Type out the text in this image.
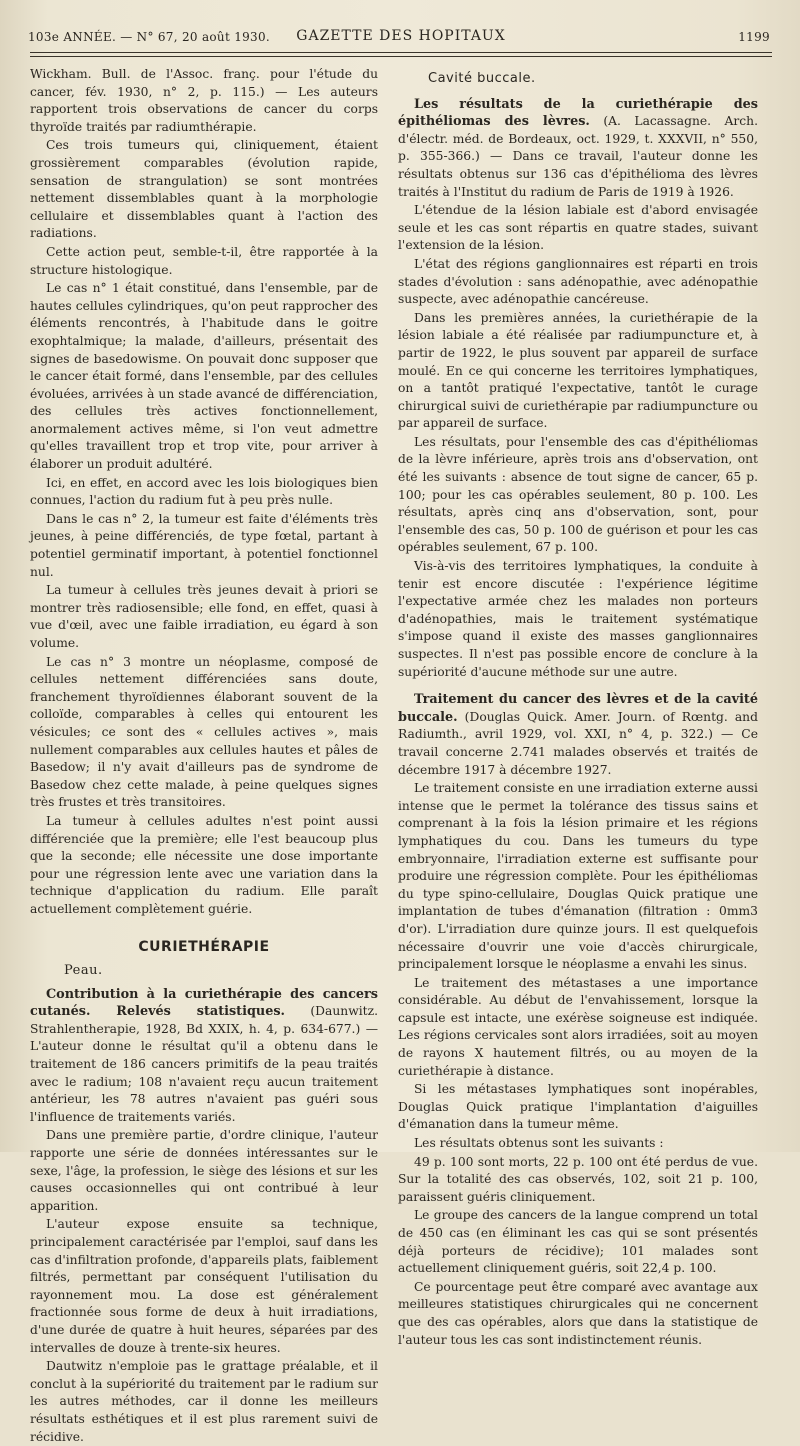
103e ANNÉE. — N° 67, 20 août 1930.	GAZETTE DES HOPITAUX	1199

Wickham. Bull. de l'Assoc. franç. pour l'étude du cancer, fév. 1930, n° 2, p. 115.) — Les auteurs rapportent trois observations de cancer du corps thyroïde traités par radiumthérapie.

Ces trois tumeurs qui, cliniquement, étaient grossièrement comparables (évolution rapide, sensation de strangulation) se sont montrées nettement dissemblables quant à la morphologie cellulaire et dissemblables quant à l'action des radiations.

Cette action peut, semble-t-il, être rapportée à la structure histologique.

Le cas n° 1 était constitué, dans l'ensemble, par de hautes cellules cylindriques, qu'on peut rapprocher des éléments rencontrés, à l'habitude dans le goitre exophtalmique; la malade, d'ailleurs, présentait des signes de basedowisme. On pouvait donc supposer que le cancer était formé, dans l'ensemble, par des cellules évoluées, arrivées à un stade avancé de différenciation, des cellules très actives fonctionnellement, anormalement actives même, si l'on veut admettre qu'elles travaillent trop et trop vite, pour arriver à élaborer un produit adultéré.

Ici, en effet, en accord avec les lois biologiques bien connues, l'action du radium fut à peu près nulle.

Dans le cas n° 2, la tumeur est faite d'éléments très jeunes, à peine différenciés, de type fœtal, partant à potentiel germinatif important, à potentiel fonctionnel nul.

La tumeur à cellules très jeunes devait à priori se montrer très radiosensible; elle fond, en effet, quasi à vue d'œil, avec une faible irradiation, eu égard à son volume.

Le cas n° 3 montre un néoplasme, composé de cellules nettement différenciées sans doute, franchement thyroïdiennes élaborant souvent de la colloïde, comparables à celles qui entourent les vésicules; ce sont des « cellules actives », mais nullement comparables aux cellules hautes et pâles de Basedow; il n'y avait d'ailleurs pas de syndrome de Basedow chez cette malade, à peine quelques signes très frustes et très transitoires.

La tumeur à cellules adultes n'est point aussi différenciée que la première; elle l'est beaucoup plus que la seconde; elle nécessite une dose importante pour une régression lente avec une variation dans la technique d'application du radium. Elle paraît actuellement complètement guérie.

CURIETHÉRAPIE
Peau.

Contribution à la curiethérapie des cancers cutanés. Relevés statistiques. (Daunwitz. Strahlentherapie, 1928, Bd XXIX, h. 4, p. 634-677.) — L'auteur donne le résultat qu'il a obtenu dans le traitement de 186 cancers primitifs de la peau traités avec le radium; 108 n'avaient reçu aucun traitement antérieur, les 78 autres n'avaient pas guéri sous l'influence de traitements variés.

Dans une première partie, d'ordre clinique, l'auteur rapporte une série de données intéressantes sur le sexe, l'âge, la profession, le siège des lésions et sur les causes occasionnelles qui ont contribué à leur apparition.

L'auteur expose ensuite sa technique, principalement caractérisée par l'emploi, sauf dans les cas d'infiltration profonde, d'appareils plats, faiblement filtrés, permettant par conséquent l'utilisation du rayonnement mou. La dose est généralement fractionnée sous forme de deux à huit irradiations, d'une durée de quatre à huit heures, séparées par des intervalles de douze à trente-six heures.

Dautwitz n'emploie pas le grattage préalable, et il conclut à la supériorité du traitement par le radium sur les autres méthodes, car il donne les meilleurs résultats esthétiques et il est plus rarement suivi de récidive.

Cavité buccale.

Les résultats de la curiethérapie des épithéliomas des lèvres. (A. Lacassagne. Arch. d'électr. méd. de Bordeaux, oct. 1929, t. XXXVII, n° 550, p. 355-366.) — Dans ce travail, l'auteur donne les résultats obtenus sur 136 cas d'épithélioma des lèvres traités à l'Institut du radium de Paris de 1919 à 1926.

L'étendue de la lésion labiale est d'abord envisagée seule et les cas sont répartis en quatre stades, suivant l'extension de la lésion.

L'état des régions ganglionnaires est réparti en trois stades d'évolution : sans adénopathie, avec adénopathie suspecte, avec adénopathie cancéreuse.

Dans les premières années, la curiethérapie de la lésion labiale a été réalisée par radiumpuncture et, à partir de 1922, le plus souvent par appareil de surface moulé. En ce qui concerne les territoires lymphatiques, on a tantôt pratiqué l'expectative, tantôt le curage chirurgical suivi de curiethérapie par radiumpuncture ou par appareil de surface.

Les résultats, pour l'ensemble des cas d'épithéliomas de la lèvre inférieure, après trois ans d'observation, ont été les suivants : absence de tout signe de cancer, 65 p. 100; pour les cas opérables seulement, 80 p. 100. Les résultats, après cinq ans d'observation, sont, pour l'ensemble des cas, 50 p. 100 de guérison et pour les cas opérables seulement, 67 p. 100.

Vis-à-vis des territoires lymphatiques, la conduite à tenir est encore discutée : l'expérience légitime l'expectative armée chez les malades non porteurs d'adénopathies, mais le traitement systématique s'impose quand il existe des masses ganglionnaires suspectes. Il n'est pas possible encore de conclure à la supériorité d'aucune méthode sur une autre.

Traitement du cancer des lèvres et de la cavité buccale. (Douglas Quick. Amer. Journ. of Rœntg. and Radiumth., avril 1929, vol. XXI, n° 4, p. 322.) — Ce travail concerne 2.741 malades observés et traités de décembre 1917 à décembre 1927.

Le traitement consiste en une irradiation externe aussi intense que le permet la tolérance des tissus sains et comprenant à la fois la lésion primaire et les régions lymphatiques du cou. Dans les tumeurs du type embryonnaire, l'irradiation externe est suffisante pour produire une régression complète. Pour les épithéliomas du type spino-cellulaire, Douglas Quick pratique une implantation de tubes d'émanation (filtration : 0mm3 d'or). L'irradiation dure quinze jours. Il est quelquefois nécessaire d'ouvrir une voie d'accès chirurgicale, principalement lorsque le néoplasme a envahi les sinus.

Le traitement des métastases a une importance considérable. Au début de l'envahissement, lorsque la capsule est intacte, une exérèse soigneuse est indiquée. Les régions cervicales sont alors irradiées, soit au moyen de rayons X hautement filtrés, ou au moyen de la curiethérapie à distance.

Si les métastases lymphatiques sont inopérables, Douglas Quick pratique l'implantation d'aiguilles d'émanation dans la tumeur même.

Les résultats obtenus sont les suivants :

49 p. 100 sont morts, 22 p. 100 ont été perdus de vue. Sur la totalité des cas observés, 102, soit 21 p. 100, paraissent guéris cliniquement.

Le groupe des cancers de la langue comprend un total de 450 cas (en éliminant les cas qui se sont présentés déjà porteurs de récidive); 101 malades sont actuellement cliniquement guéris, soit 22,4 p. 100.

Ce pourcentage peut être comparé avec avantage aux meilleures statistiques chirurgicales qui ne concernent que des cas opérables, alors que dans la statistique de l'auteur tous les cas sont indistinctement réunis.
